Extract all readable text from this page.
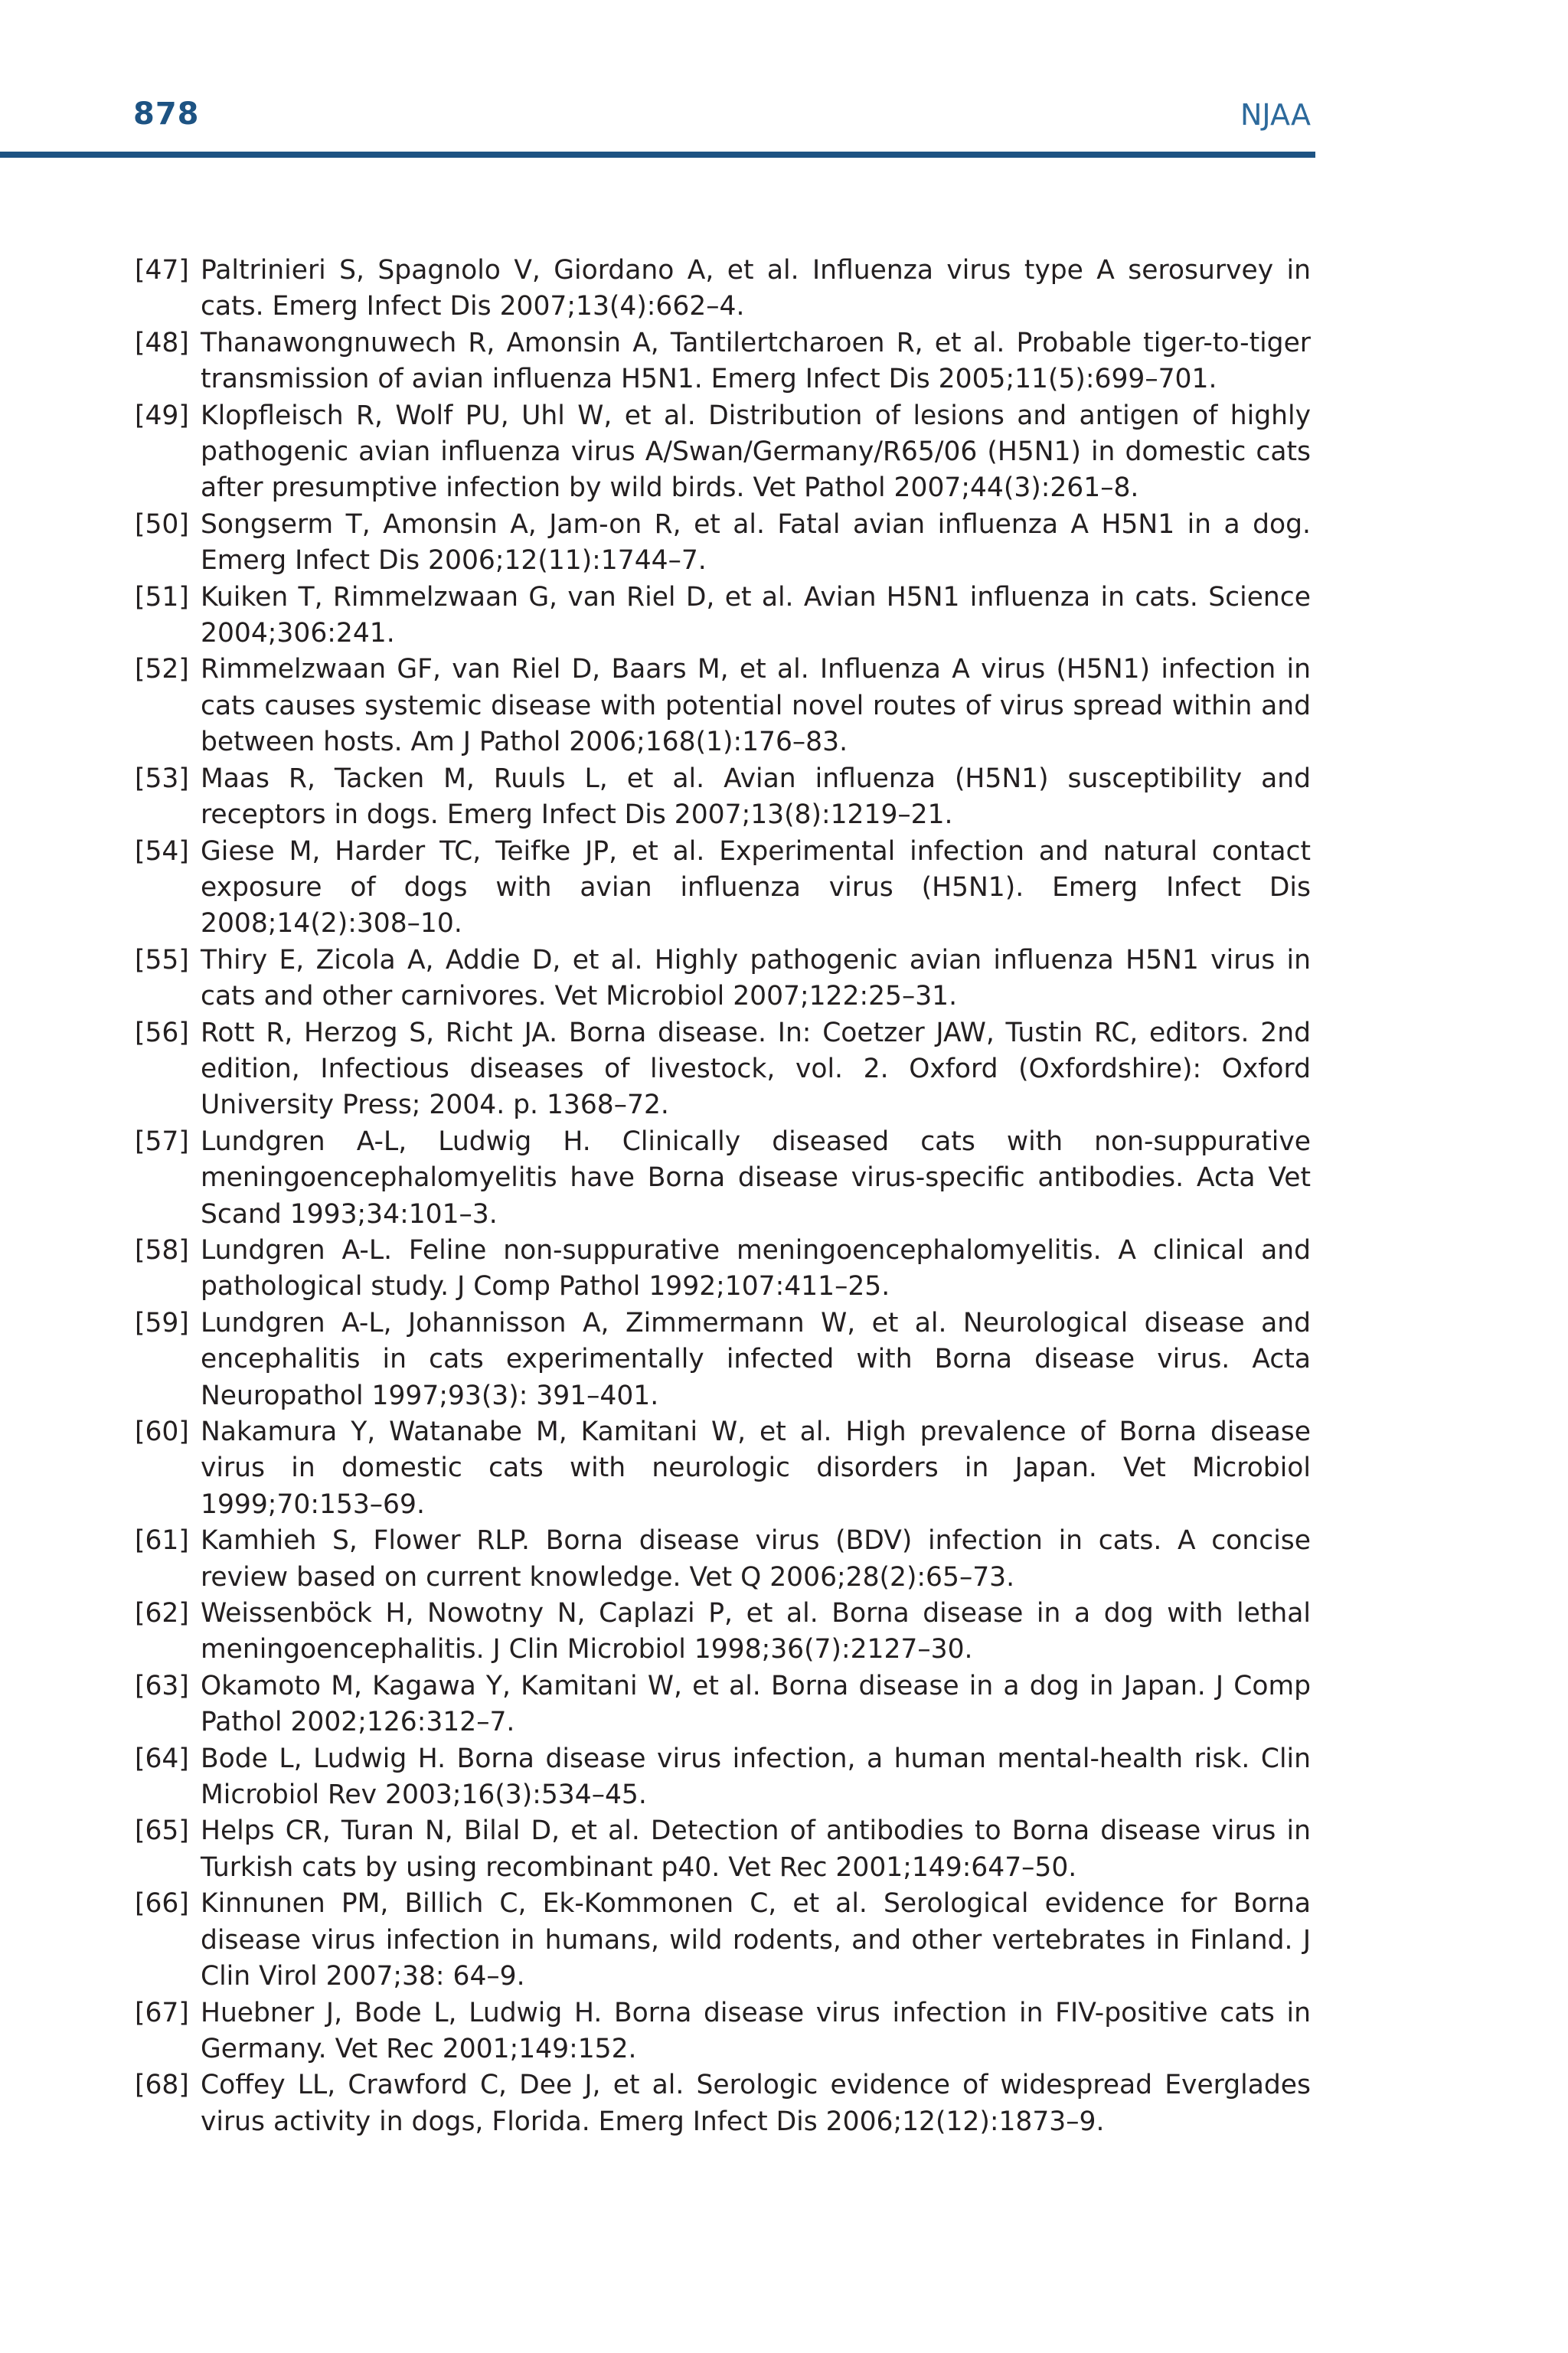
878	NJAA
[47] Paltrinieri S, Spagnolo V, Giordano A, et al. Influenza virus type A serosurvey in cats. Emerg Infect Dis 2007;13(4):662–4.
[48] Thanawongnuwech R, Amonsin A, Tantilertcharoen R, et al. Probable tiger-to-tiger transmission of avian influenza H5N1. Emerg Infect Dis 2005;11(5):699–701.
[49] Klopfleisch R, Wolf PU, Uhl W, et al. Distribution of lesions and antigen of highly pathogenic avian influenza virus A/Swan/Germany/R65/06 (H5N1) in domestic cats after presumptive infection by wild birds. Vet Pathol 2007;44(3):261–8.
[50] Songserm T, Amonsin A, Jam-on R, et al. Fatal avian influenza A H5N1 in a dog. Emerg Infect Dis 2006;12(11):1744–7.
[51] Kuiken T, Rimmelzwaan G, van Riel D, et al. Avian H5N1 influenza in cats. Science 2004;306:241.
[52] Rimmelzwaan GF, van Riel D, Baars M, et al. Influenza A virus (H5N1) infection in cats causes systemic disease with potential novel routes of virus spread within and between hosts. Am J Pathol 2006;168(1):176–83.
[53] Maas R, Tacken M, Ruuls L, et al. Avian influenza (H5N1) susceptibility and receptors in dogs. Emerg Infect Dis 2007;13(8):1219–21.
[54] Giese M, Harder TC, Teifke JP, et al. Experimental infection and natural contact exposure of dogs with avian influenza virus (H5N1). Emerg Infect Dis 2008;14(2):308–10.
[55] Thiry E, Zicola A, Addie D, et al. Highly pathogenic avian influenza H5N1 virus in cats and other carnivores. Vet Microbiol 2007;122:25–31.
[56] Rott R, Herzog S, Richt JA. Borna disease. In: Coetzer JAW, Tustin RC, editors. 2nd edition, Infectious diseases of livestock, vol. 2. Oxford (Oxfordshire): Oxford University Press; 2004. p. 1368–72.
[57] Lundgren A-L, Ludwig H. Clinically diseased cats with non-suppurative meningoencephalomyelitis have Borna disease virus-specific antibodies. Acta Vet Scand 1993;34:101–3.
[58] Lundgren A-L. Feline non-suppurative meningoencephalomyelitis. A clinical and pathological study. J Comp Pathol 1992;107:411–25.
[59] Lundgren A-L, Johannisson A, Zimmermann W, et al. Neurological disease and encephalitis in cats experimentally infected with Borna disease virus. Acta Neuropathol 1997;93(3): 391–401.
[60] Nakamura Y, Watanabe M, Kamitani W, et al. High prevalence of Borna disease virus in domestic cats with neurologic disorders in Japan. Vet Microbiol 1999;70:153–69.
[61] Kamhieh S, Flower RLP. Borna disease virus (BDV) infection in cats. A concise review based on current knowledge. Vet Q 2006;28(2):65–73.
[62] Weissenböck H, Nowotny N, Caplazi P, et al. Borna disease in a dog with lethal meningoencephalitis. J Clin Microbiol 1998;36(7):2127–30.
[63] Okamoto M, Kagawa Y, Kamitani W, et al. Borna disease in a dog in Japan. J Comp Pathol 2002;126:312–7.
[64] Bode L, Ludwig H. Borna disease virus infection, a human mental-health risk. Clin Microbiol Rev 2003;16(3):534–45.
[65] Helps CR, Turan N, Bilal D, et al. Detection of antibodies to Borna disease virus in Turkish cats by using recombinant p40. Vet Rec 2001;149:647–50.
[66] Kinnunen PM, Billich C, Ek-Kommonen C, et al. Serological evidence for Borna disease virus infection in humans, wild rodents, and other vertebrates in Finland. J Clin Virol 2007;38: 64–9.
[67] Huebner J, Bode L, Ludwig H. Borna disease virus infection in FIV-positive cats in Germany. Vet Rec 2001;149:152.
[68] Coffey LL, Crawford C, Dee J, et al. Serologic evidence of widespread Everglades virus activity in dogs, Florida. Emerg Infect Dis 2006;12(12):1873–9.
